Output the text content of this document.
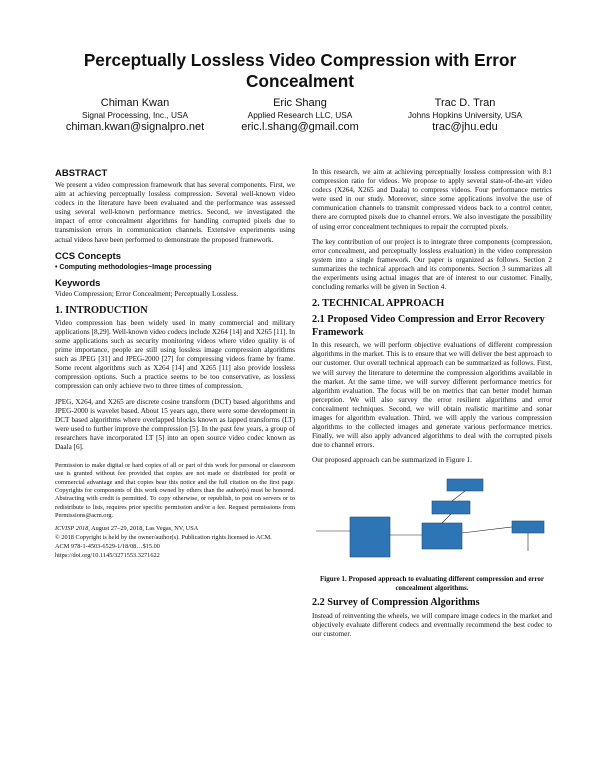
Perceptually Lossless Video Compression with Error Concealment
Chiman Kwan
Signal Processing, Inc., USA
chiman.kwan@signalpro.net
Eric Shang
Applied Research LLC, USA
eric.l.shang@gmail.com
Trac D. Tran
Johns Hopkins University, USA
trac@jhu.edu
ABSTRACT

We present a video compression framework that has several components. First, we aim at achieving perceptually lossless compression. Several well-known video codecs in the literature have been evaluated and the performance was assessed using several well-known performance metrics. Second, we investigated the impact of error concealment algorithms for handling corrupted pixels due to transmission errors in communication channels. Extensive experiments using actual videos have been performed to demonstrate the proposed framework.

CCS Concepts
• Computing methodologies~Image processing
Keywords

Video Compression; Error Concealment; Perceptually Lossless.

1. INTRODUCTION

Video compression has been widely used in many commercial and military applications [8,29]. Well-known video codecs include X264 [14] and X265 [11]. In some applications such as security monitoring videos where video quality is of prime importance, people are still using lossless image compression algorithms such as JPEG [31] and JPEG-2000 [27] for compressing videos frame by frame. Some recent algorithms such as X264 [14] and X265 [11] also provide lossless compression options. Such a practice seems to be too conservative, as lossless compression can only achieve two to three times of compression.

JPEG, X264, and X265 are discrete cosine transform (DCT) based algorithms and JPEG-2000 is wavelet based. About 15 years ago, there were some development in DCT based algorithms where overlapped blocks known as lapped transforms (LT) were used to further improve the compression [5]. In the past few years, a group of researchers have incorporated LT [5] into an open source video codec known as Daala [6].

Permission to make digital or hard copies of all or part of this work for personal or classroom use is granted without fee provided that copies are not made or distributed for profit or commercial advantage and that copies bear this notice and the full citation on the first page. Copyrights for components of this work owned by others than the author(s) must be honored. Abstracting with credit is permitted. To copy otherwise, or republish, to post on servers or to redistribute to lists, requires prior specific permission and/or a fee. Request permissions from Permissions@acm.org.

ICVISP 2018, August 27–29, 2018, Las Vegas, NV, USA

© 2018 Copyright is held by the owner/author(s). Publication rights licensed to ACM.

ACM 978-1-4503-6529-1/18/08…$15.00

https://doi.org/10.1145/3271553.3271622

In this research, we aim at achieving perceptually lossless compression with 8:1 compression ratio for videos. We propose to apply several state-of-the-art video codecs (X264, X265 and Daala) to compress videos. Four performance metrics were used in our study. Moreover, since some applications involve the use of communication channels to transmit compressed videos back to a control center, there are corrupted pixels due to channel errors. We also investigate the possibility of using error concealment techniques to repair the corrupted pixels.

The key contribution of our project is to integrate three components (compression, error concealment, and perceptually lossless evaluation) in the video compression system into a single framework. Our paper is organized as follows. Section 2 summarizes the technical approach and its components. Section 3 summarizes all the experiments using actual images that are of interest to our customer. Finally, concluding remarks will be given in Section 4.

2. TECHNICAL APPROACH
2.1 Proposed Video Compression and Error Recovery Framework

In this research, we will perform objective evaluations of different compression algorithms in the market. This is to ensure that we will deliver the best approach to our customer. Our overall technical approach can be summarized as follows. First, we will survey the literature to determine the compression algorithms available in the market. At the same time, we will survey different performance metrics for algorithm evaluation. The focus will be on metrics that can better model human perception. We will also survey the error resilient algorithms and error concealment techniques. Second, we will obtain realistic maritime and sonar images for algorithm evaluation. Third, we will apply the various compression algorithms to the collected images and generate various performance metrics. Finally, we will also apply advanced algorithms to deal with the corrupted pixels due to channel errors.

Our proposed approach can be summarized in Figure 1.

Figure 1. Proposed approach to evaluating different compression and error concealment algorithms.

2.2 Survey of Compression Algorithms

Instead of reinventing the wheels, we will compare image codecs in the market and objectively evaluate different codecs and eventually recommend the best codec to our customer.
